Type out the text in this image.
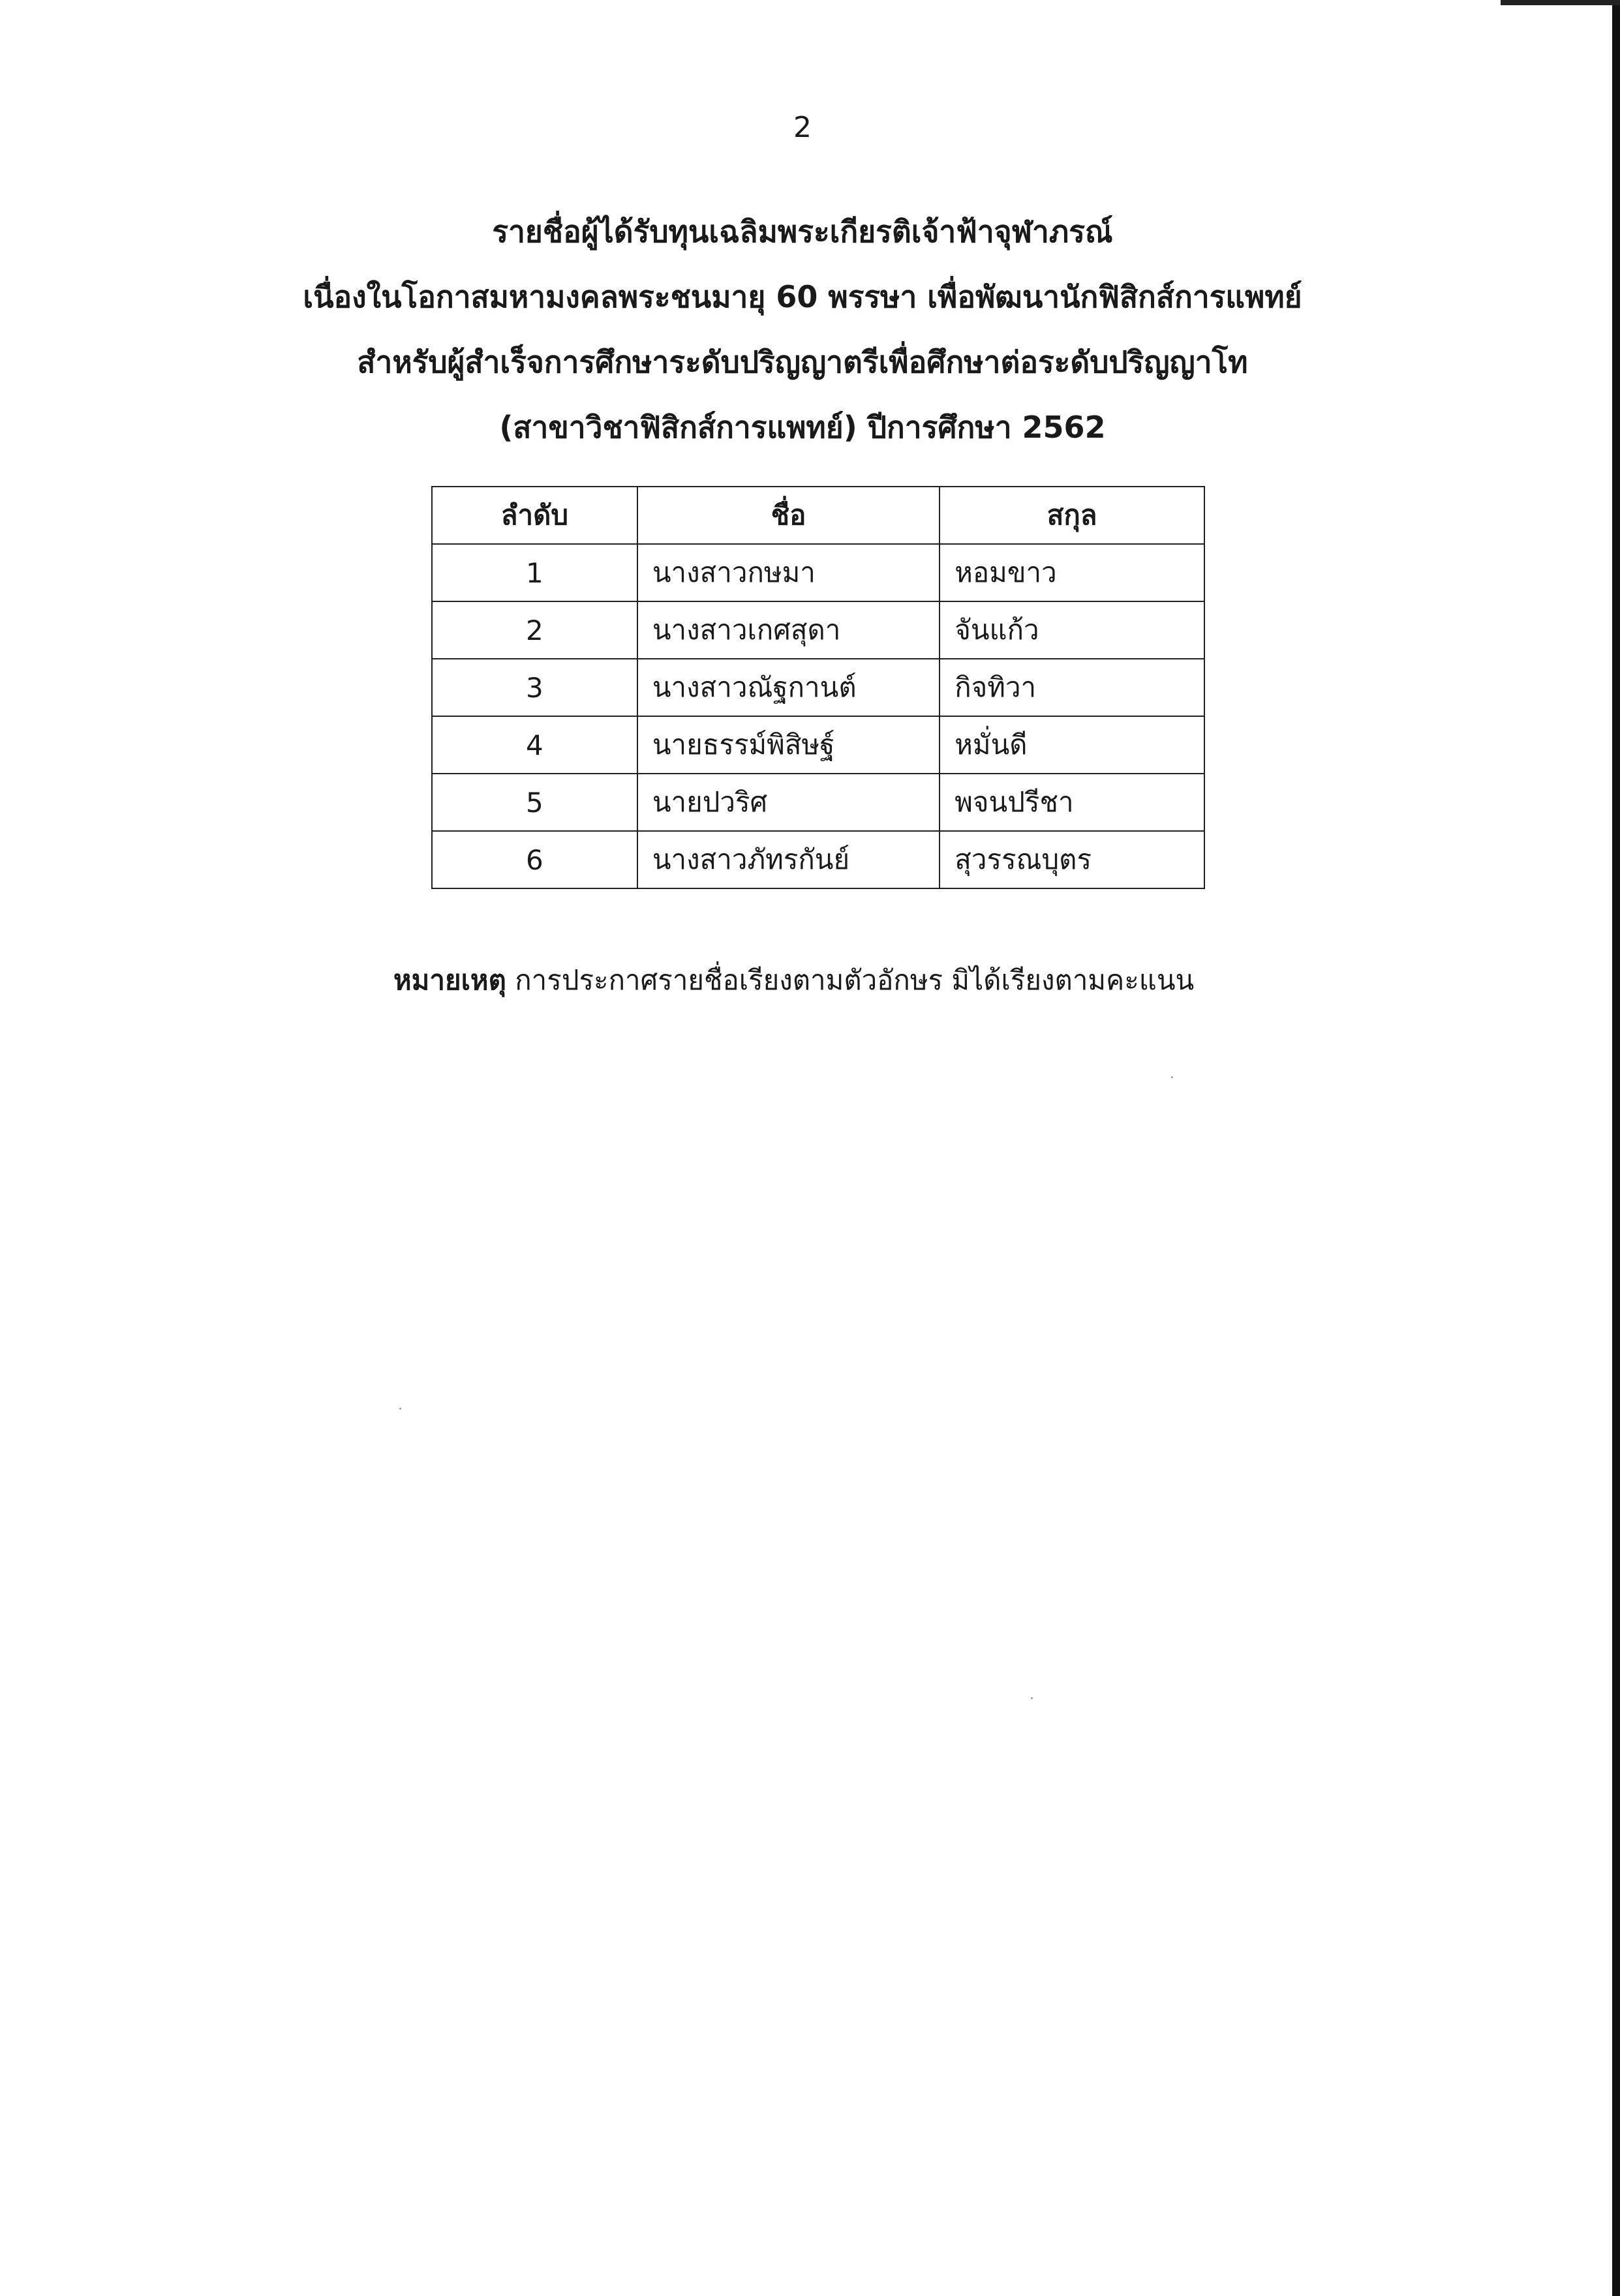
2
รายชื่อผู้ได้รับทุนเฉลิมพระเกียรติเจ้าฟ้าจุฬาภรณ์
เนื่องในโอกาสมหามงคลพระชนมายุ 60 พรรษา เพื่อพัฒนานักฟิสิกส์การแพทย์
สำหรับผู้สำเร็จการศึกษาระดับปริญญาตรีเพื่อศึกษาต่อระดับปริญญาโท
(สาขาวิชาฟิสิกส์การแพทย์) ปีการศึกษา 2562
ลำดับ	ชื่อ	สกุล
1	นางสาวกษมา	หอมขาว
2	นางสาวเกศสุดา	จันแก้ว
3	นางสาวณัฐกานต์	กิจทิวา
4	นายธรรม์พิสิษฐ์	หมั่นดี
5	นายปวริศ	พจนปรีชา
6	นางสาวภัทรกันย์	สุวรรณบุตร
หมายเหตุ การประกาศรายชื่อเรียงตามตัวอักษร มิได้เรียงตามคะแนน
